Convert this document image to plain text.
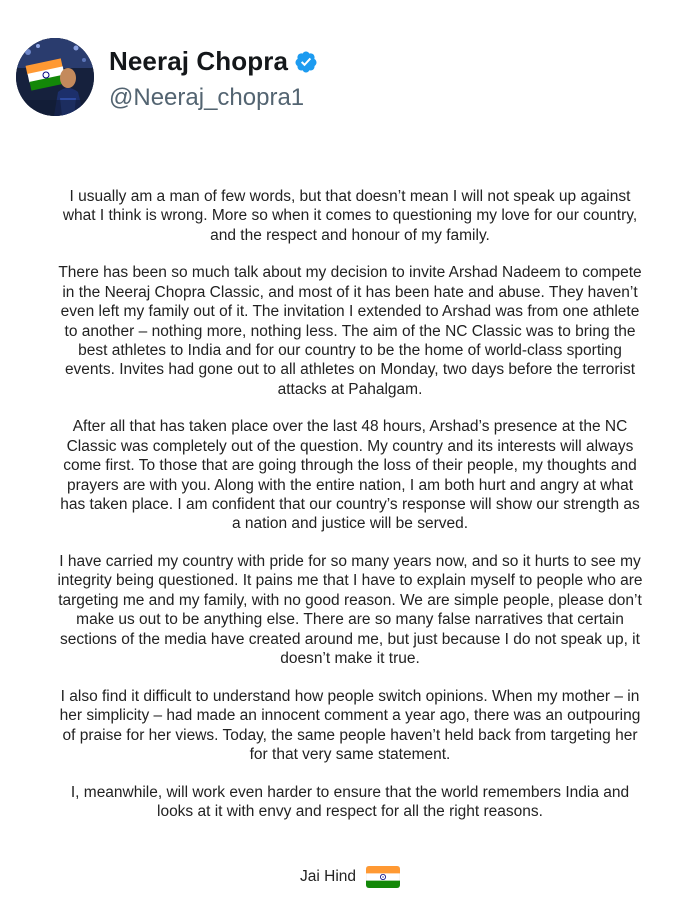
Neeraj Chopra
@Neeraj_chopra1

I usually am a man of few words, but that doesn’t mean I will not speak up against what I think is wrong. More so when it comes to questioning my love for our country, and the respect and honour of my family.

There has been so much talk about my decision to invite Arshad Nadeem to compete in the Neeraj Chopra Classic, and most of it has been hate and abuse. They haven’t even left my family out of it. The invitation I extended to Arshad was from one athlete to another – nothing more, nothing less. The aim of the NC Classic was to bring the best athletes to India and for our country to be the home of world-class sporting events. Invites had gone out to all athletes on Monday, two days before the terrorist attacks at Pahalgam.

After all that has taken place over the last 48 hours, Arshad’s presence at the NC Classic was completely out of the question. My country and its interests will always come first. To those that are going through the loss of their people, my thoughts and prayers are with you. Along with the entire nation, I am both hurt and angry at what has taken place. I am confident that our country’s response will show our strength as a nation and justice will be served.

I have carried my country with pride for so many years now, and so it hurts to see my integrity being questioned. It pains me that I have to explain myself to people who are targeting me and my family, with no good reason. We are simple people, please don’t make us out to be anything else. There are so many false narratives that certain sections of the media have created around me, but just because I do not speak up, it doesn’t make it true.

I also find it difficult to understand how people switch opinions. When my mother – in her simplicity – had made an innocent comment a year ago, there was an outpouring of praise for her views. Today, the same people haven’t held back from targeting her for that very same statement.

I, meanwhile, will work even harder to ensure that the world remembers India and looks at it with envy and respect for all the right reasons.

Jai Hind
